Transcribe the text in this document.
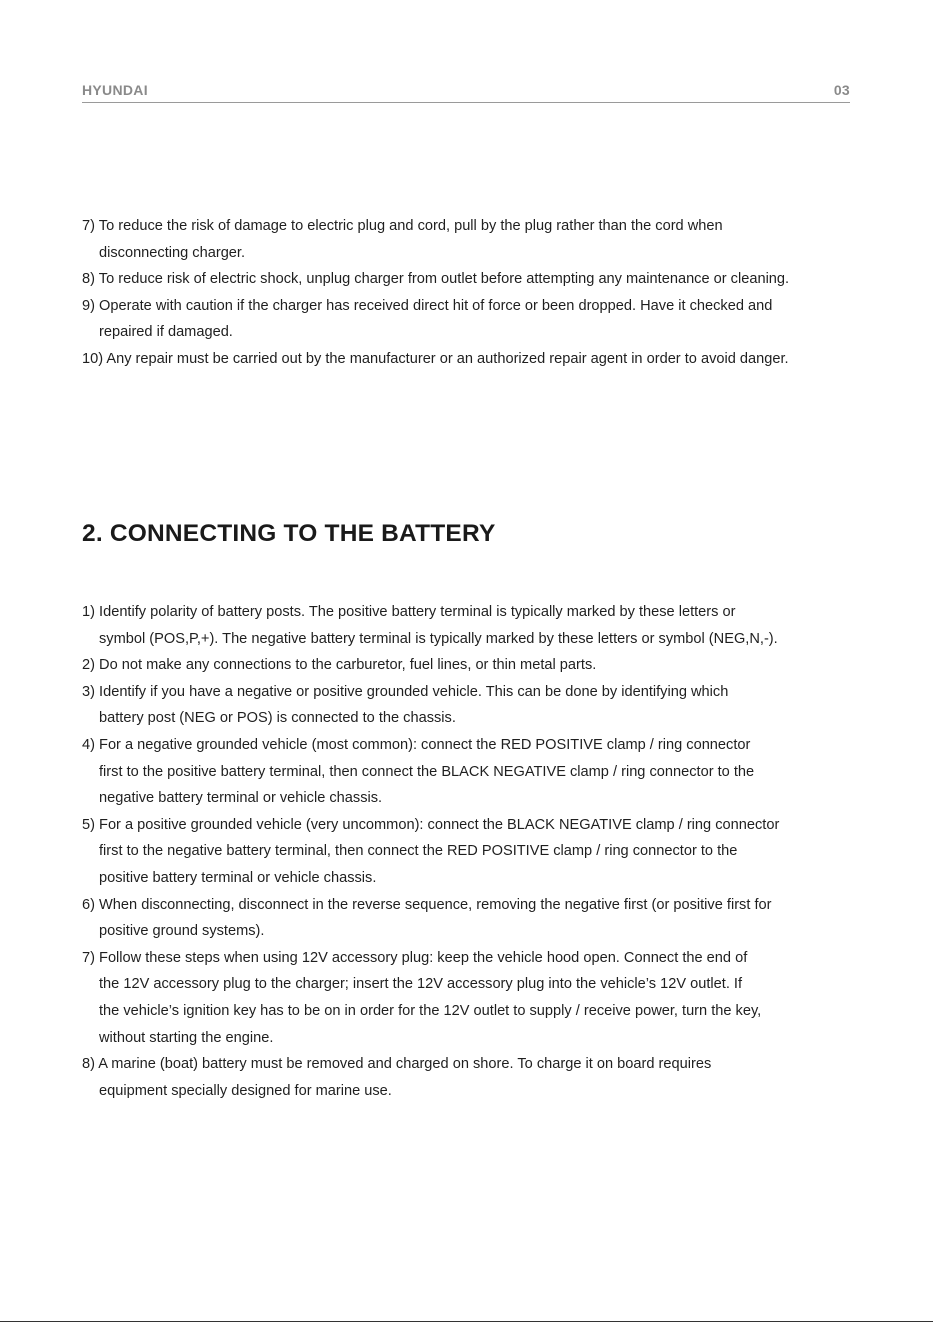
HYUNDAI	03
7) To reduce the risk of damage to electric plug and cord, pull by the plug rather than the cord when
disconnecting charger.
8) To reduce risk of electric shock, unplug charger from outlet before attempting any maintenance or cleaning.
9) Operate with caution if the charger has received direct hit of force or been dropped. Have it checked and
repaired if damaged.
10) Any repair must be carried out by the manufacturer or an authorized repair agent in order to avoid danger.
2. CONNECTING TO THE BATTERY
1) Identify polarity of battery posts. The positive battery terminal is typically marked by these letters or
symbol (POS,P,+). The negative battery terminal is typically marked by these letters or symbol (NEG,N,-).
2) Do not make any connections to the carburetor, fuel lines, or thin metal parts.
3) Identify if you have a negative or positive grounded vehicle. This can be done by identifying which
battery post (NEG or POS) is connected to the chassis.
4) For a negative grounded vehicle (most common): connect the RED POSITIVE clamp / ring connector
first to the positive battery terminal, then connect the BLACK NEGATIVE clamp / ring connector to the
negative battery terminal or vehicle chassis.
5) For a positive grounded vehicle (very uncommon): connect the BLACK NEGATIVE clamp / ring connector
first to the negative battery terminal, then connect the RED POSITIVE clamp / ring connector to the
positive battery terminal or vehicle chassis.
6) When disconnecting, disconnect in the reverse sequence, removing the negative first (or positive first for
positive ground systems).
7) Follow these steps when using 12V accessory plug: keep the vehicle hood open. Connect the end of
the 12V accessory plug to the charger; insert the 12V accessory plug into the vehicle’s 12V outlet. If
the vehicle’s ignition key has to be on in order for the 12V outlet to supply / receive power, turn the key,
without starting the engine.
8) A marine (boat) battery must be removed and charged on shore. To charge it on board requires
equipment specially designed for marine use.
